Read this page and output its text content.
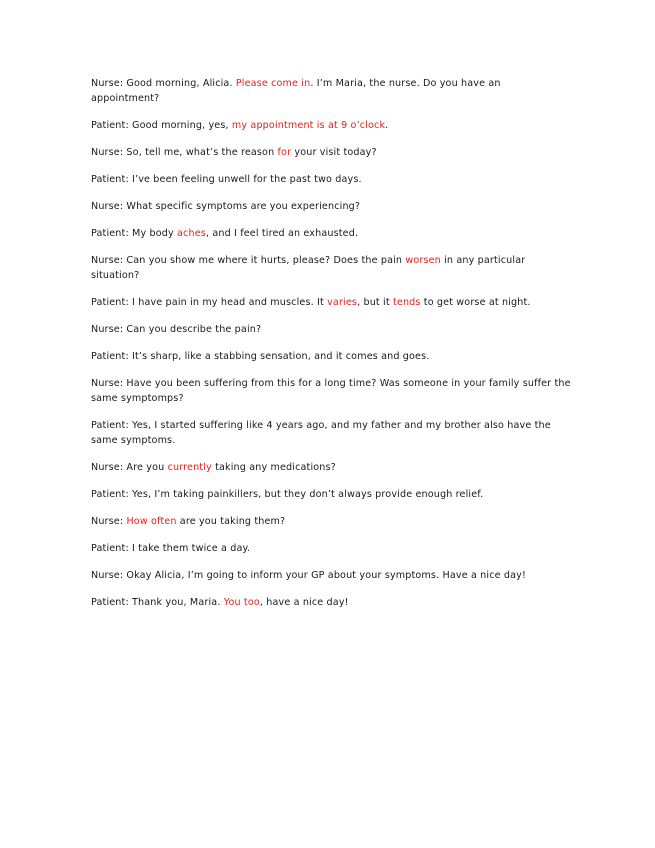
Nurse: Good morning, Alicia. Please come in. I’m Maria, the nurse. Do you have an appointment?

Patient: Good morning, yes, my appointment is at 9 o’clock.

Nurse: So, tell me, what’s the reason for your visit today?

Patient: I’ve been feeling unwell for the past two days.

Nurse: What specific symptoms are you experiencing?

Patient: My body aches, and I feel tired an exhausted.

Nurse: Can you show me where it hurts, please? Does the pain worsen in any particular situation?

Patient: I have pain in my head and muscles. It varies, but it tends to get worse at night.

Nurse: Can you describe the pain?

Patient: It’s sharp, like a stabbing sensation, and it comes and goes.

Nurse: Have you been suffering from this for a long time? Was someone in your family suffer the same symptomps?

Patient: Yes, I started suffering like 4 years ago, and my father and my brother also have the same symptoms.

Nurse: Are you currently taking any medications?

Patient: Yes, I’m taking painkillers, but they don’t always provide enough relief.

Nurse: How often are you taking them?

Patient: I take them twice a day.

Nurse: Okay Alicia, I’m going to inform your GP about your symptoms. Have a nice day!

Patient: Thank you, Maria. You too, have a nice day!
